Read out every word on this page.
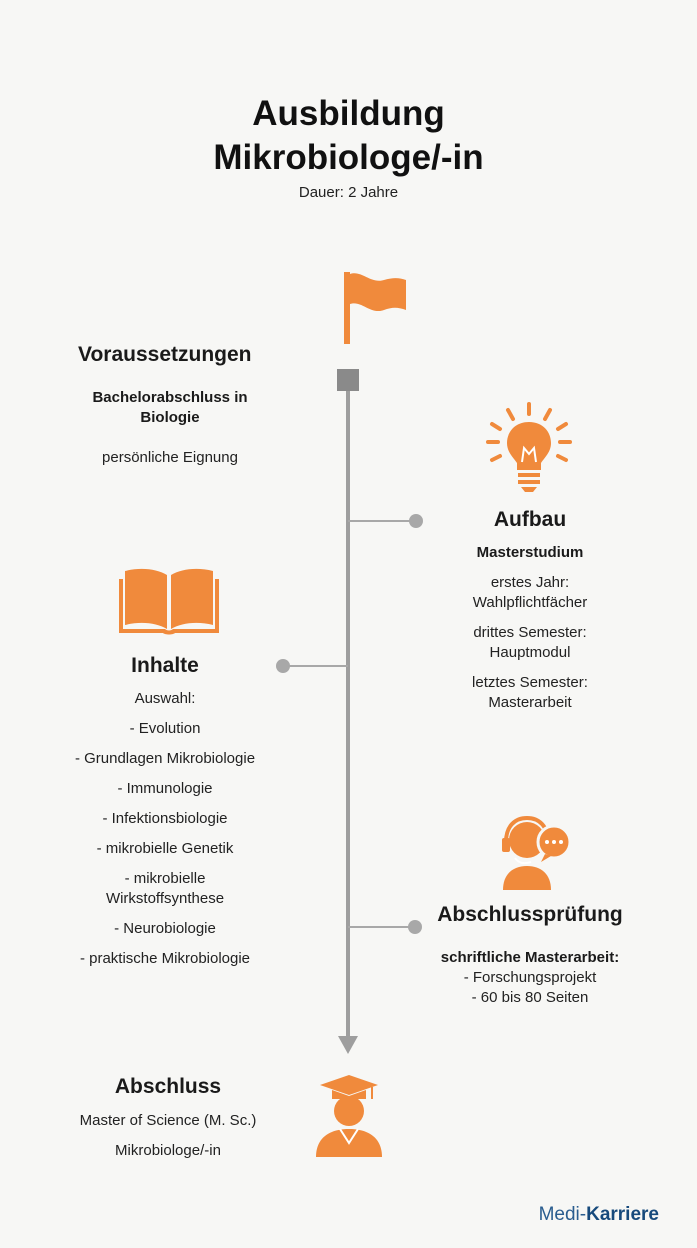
Ausbildung
Mikrobiologe/-in
Dauer: 2 Jahre
Voraussetzungen
Bachelorabschluss in Biologie
persönliche Eignung
Aufbau
Masterstudium
erstes Jahr: Wahlpflichtfächer
drittes Semester: Hauptmodul
letztes Semester: Masterarbeit
Inhalte
Auswahl:
- Evolution
- Grundlagen Mikrobiologie
- Immunologie
- Infektionsbiologie
- mikrobielle Genetik
- mikrobielle Wirkstoffsynthese
- Neurobiologie
- praktische Mikrobiologie
Abschlussprüfung
schriftliche Masterarbeit:
- Forschungsprojekt
- 60 bis 80 Seiten
Abschluss
Master of Science (M. Sc.)
Mikrobiologe/-in
Medi-Karriere
